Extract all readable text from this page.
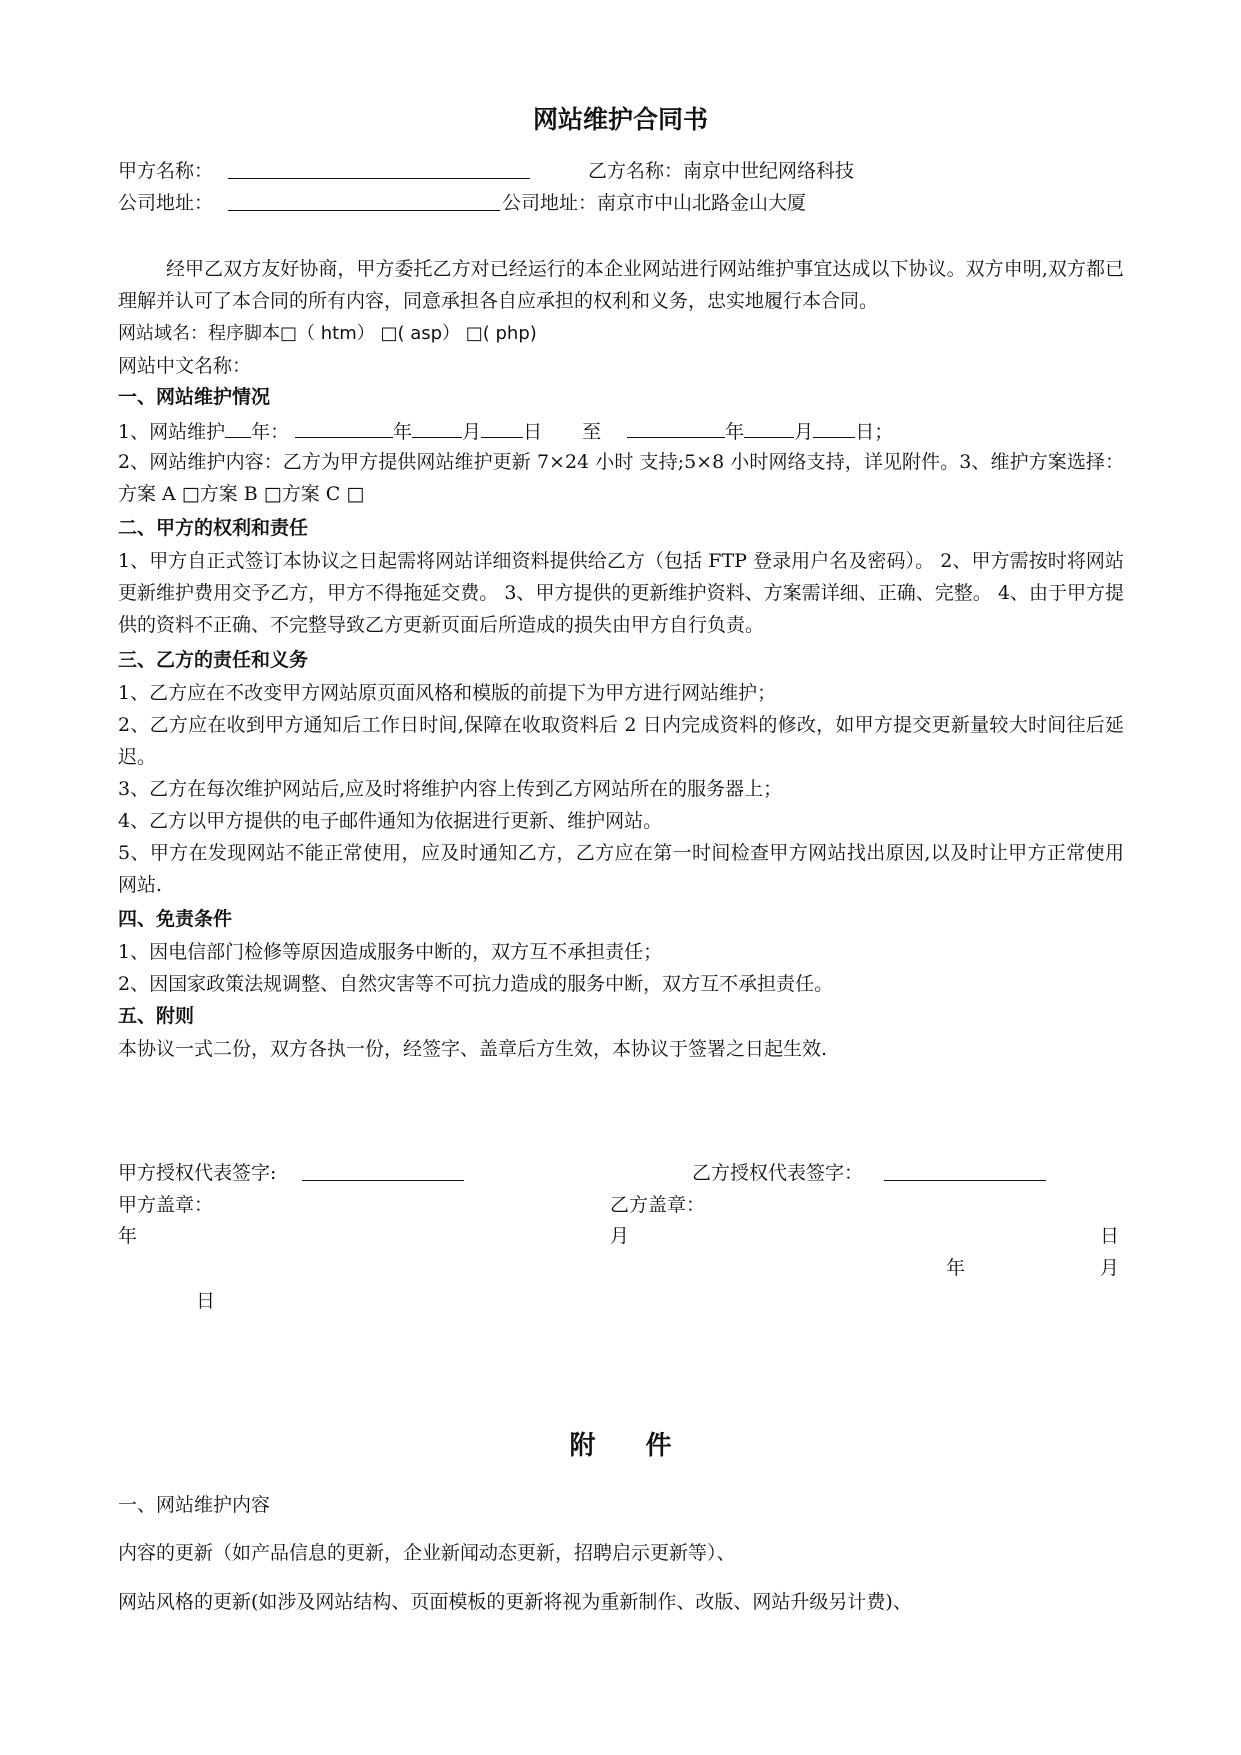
网站维护合同书
甲方名称：	乙方名称：南京中世纪网络科技
公司地址：	公司地址：南京市中山北路金山大厦
经甲乙双方友好协商，甲方委托乙方对已经运行的本企业网站进行网站维护事宜达成以下协议。双方申明,双方都已理解并认可了本合同的所有内容，同意承担各自应承担的权利和义务，忠实地履行本合同。
网站域名：程序脚本□（ htm） □( asp） □( php)
网站中文名称：
一、网站维护情况
1、网站维护 年：	年	月 日 至	年	月 日；
2、网站维护内容：乙方为甲方提供网站维护更新 7×24 小时 支持;5×8 小时网络支持，详见附件。3、维护方案选择：方案 A □方案 B □方案 C □
二、甲方的权利和责任
1、甲方自正式签订本协议之日起需将网站详细资料提供给乙方（包括 FTP 登录用户名及密码）。 2、甲方需按时将网站更新维护费用交予乙方，甲方不得拖延交费。 3、甲方提供的更新维护资料、方案需详细、正确、完整。 4、由于甲方提供的资料不正确、不完整导致乙方更新页面后所造成的损失由甲方自行负责。
三、乙方的责任和义务
1、乙方应在不改变甲方网站原页面风格和模版的前提下为甲方进行网站维护；
2、乙方应在收到甲方通知后工作日时间,保障在收取资料后 2 日内完成资料的修改，如甲方提交更新量较大时间往后延迟。
3、乙方在每次维护网站后,应及时将维护内容上传到乙方网站所在的服务器上；
4、乙方以甲方提供的电子邮件通知为依据进行更新、维护网站。
5、甲方在发现网站不能正常使用，应及时通知乙方，乙方应在第一时间检查甲方网站找出原因,以及时让甲方正常使用网站.
四、免责条件
1、因电信部门检修等原因造成服务中断的，双方互不承担责任；
2、因国家政策法规调整、自然灾害等不可抗力造成的服务中断，双方互不承担责任。
五、附则
本协议一式二份，双方各执一份，经签字、盖章后方生效，本协议于签署之日起生效.
甲方授权代表签字:	乙方授权代表签字：
甲方盖章：	乙方盖章：
年	月	日
年	月
日
附件
一、网站维护内容
内容的更新（如产品信息的更新，企业新闻动态更新，招聘启示更新等）、
网站风格的更新(如涉及网站结构、页面模板的更新将视为重新制作、改版、网站升级另计费)、
